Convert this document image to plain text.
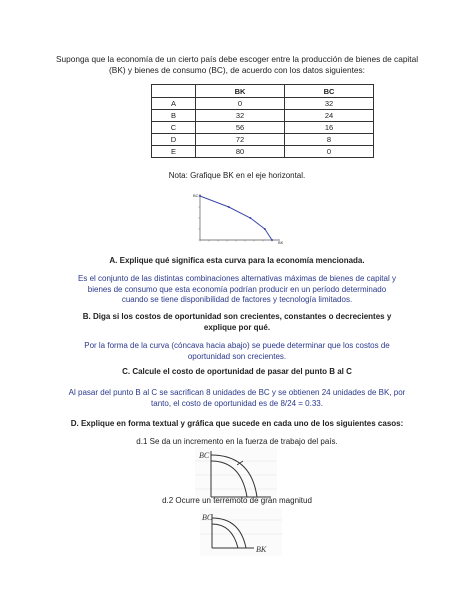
Suponga que la economía de un cierto país debe escoger entre la producción de bienes de capital
(BK) y bienes de consumo (BC), de acuerdo con los datos siguientes:
	BK	BC
A	0	32
B	32	24
C	56	16
D	72	8
E	80	0
Nota: Grafique BK en el eje horizontal.
BC
BK
A. Explique qué significa esta curva para la economía mencionada.
Es el conjunto de las distintas combinaciones alternativas máximas de bienes de capital y
bienes de consumo que esta economía podrían producir en un período determinado
cuando se tiene disponibilidad de factores y tecnología limitados.
B. Diga si los costos de oportunidad son crecientes, constantes o decrecientes y
explique por qué.
Por la forma de la curva (cóncava hacia abajo) se puede determinar que los costos de
oportunidad son crecientes.
C. Calcule el costo de oportunidad de pasar del punto B al C
Al pasar del punto B al C se sacrifican 8 unidades de BC y se obtienen 24 unidades de BK, por
tanto, el costo de oportunidad es de 8/24 = 0.33.
D. Explique en forma textual y gráfica que sucede en cada uno de los siguientes casos:
d.1 Se da un incremento en la fuerza de trabajo del país.
BC
d.2 Ocurre un terremoto de gran magnitud
BC
BK
